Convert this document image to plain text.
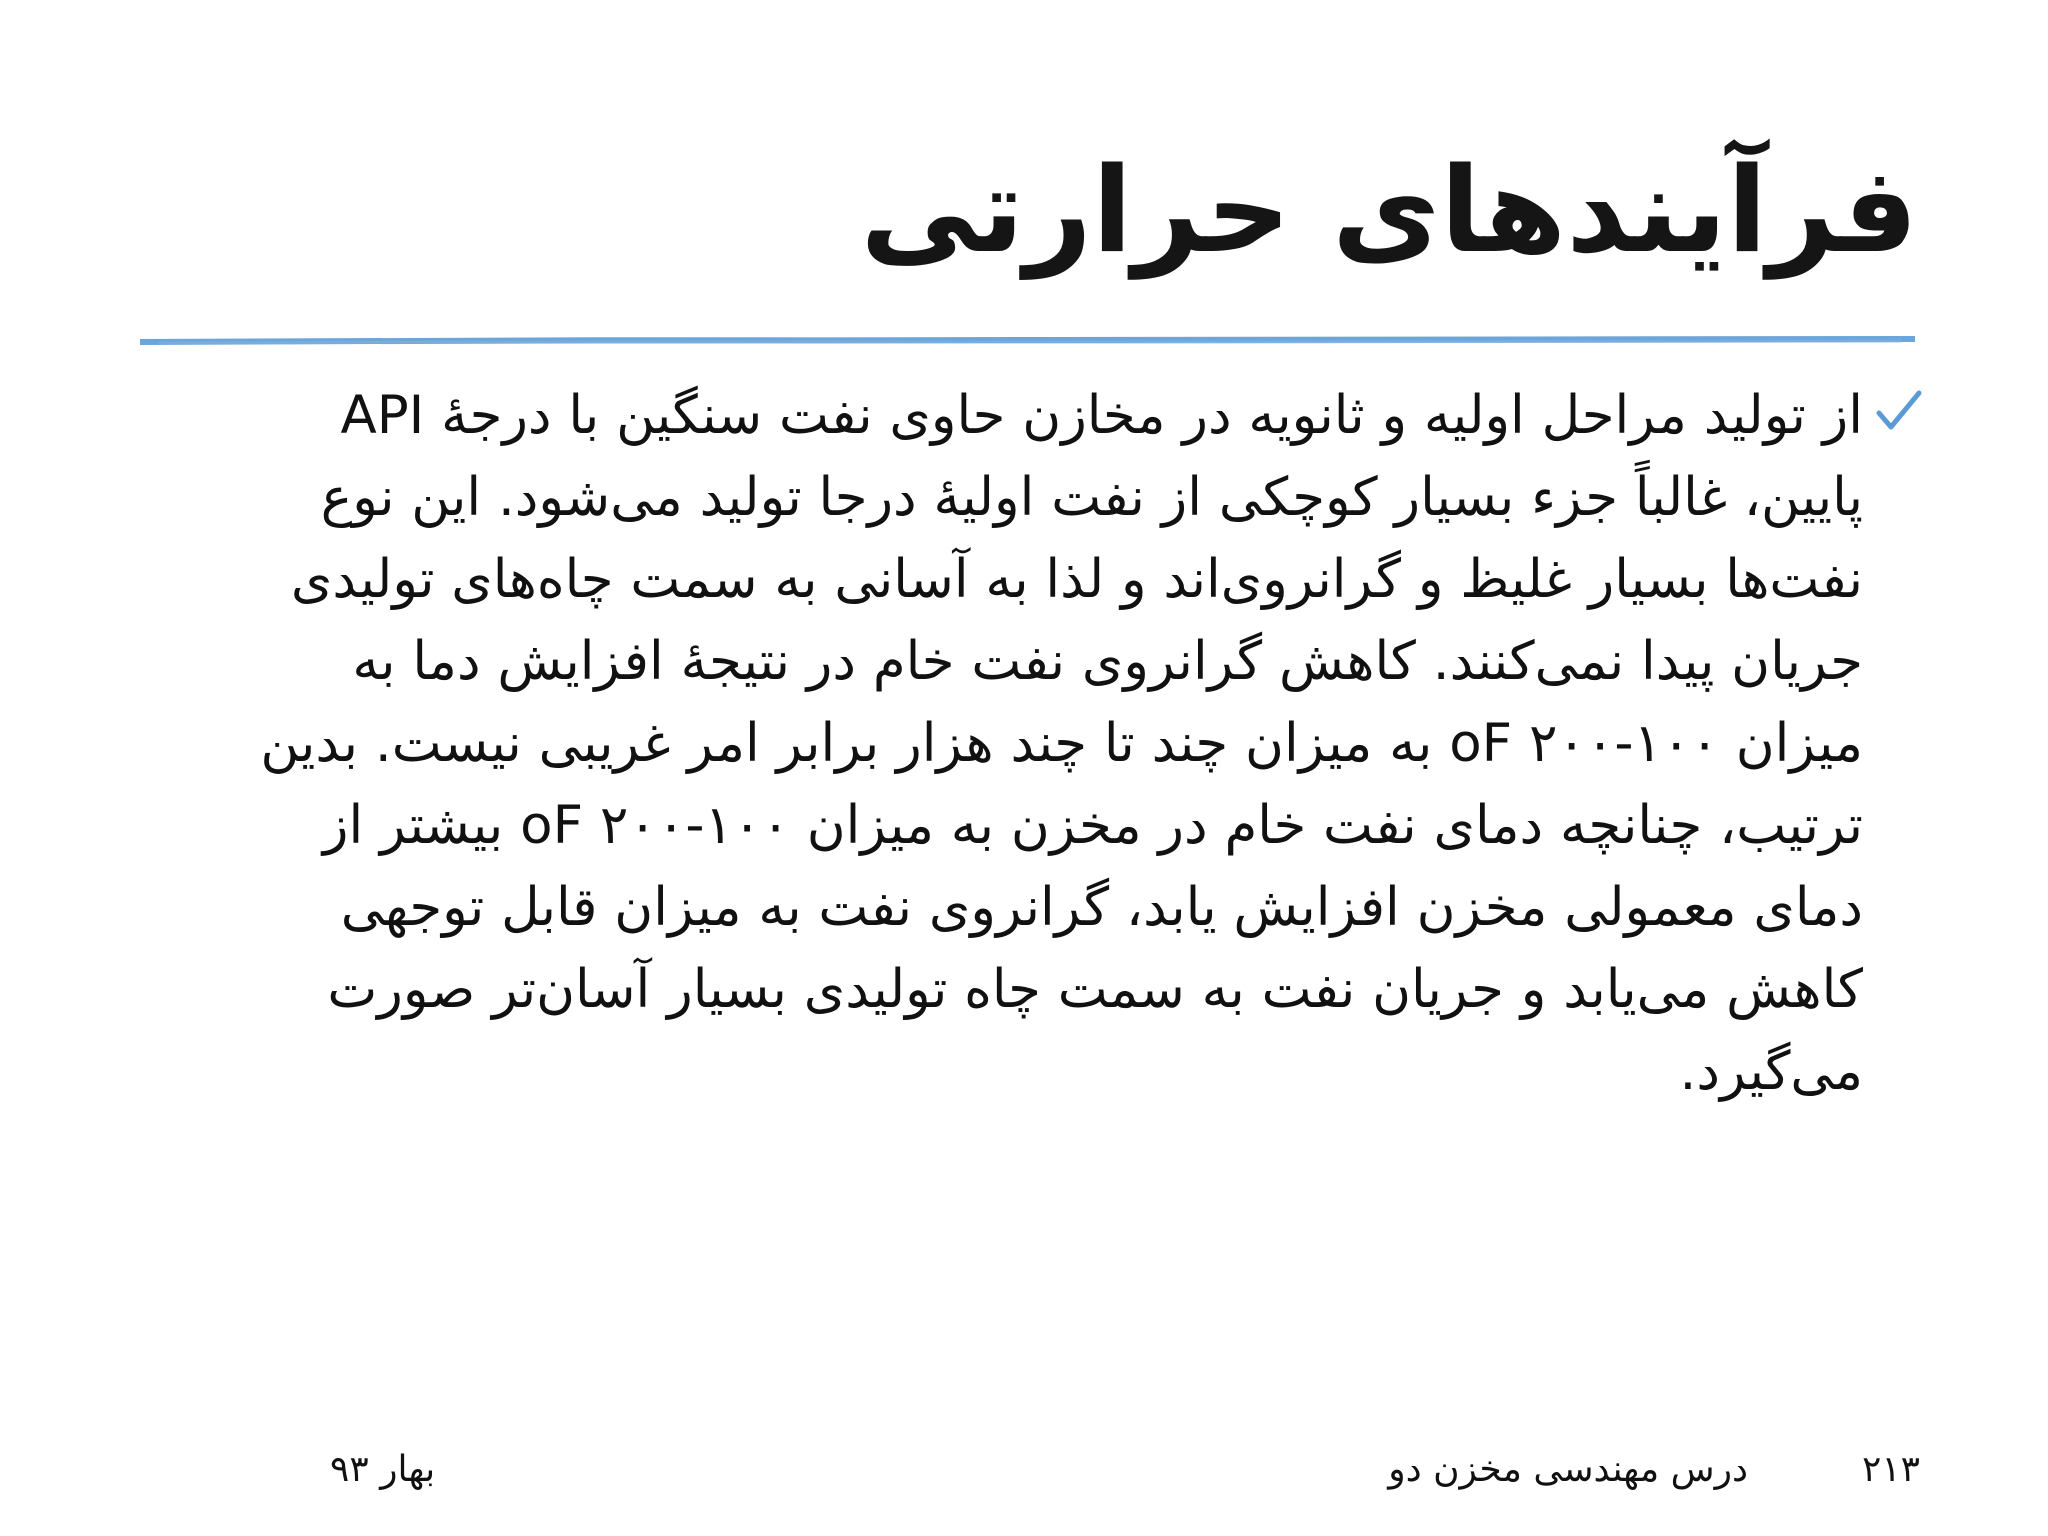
فرآیندهای حرارتی
از تولید مراحل اولیه و ثانویه در مخازن حاوی نفت سنگین با درجهٔ API پایین، غالباً جزء بسیار کوچکی از نفت اولیهٔ درجا تولید می‌شود. این نوع نفت‌ها بسیار غلیظ و گرانروی‌اند و لذا به آسانی به سمت چاه‌های تولیدی جریان پیدا نمی‌کنند. کاهش گرانروی نفت خام در نتیجهٔ افزایش دما به میزان oF ۲۰۰-۱۰۰ به میزان چند تا چند هزار برابر امر غریبی نیست. بدین ترتیب، چنانچه دمای نفت خام در مخزن به میزان oF ۲۰۰-۱۰۰ بیشتر از دمای معمولی مخزن افزایش یابد، گرانروی نفت به میزان قابل توجهی کاهش می‌یابد و جریان نفت به سمت چاه تولیدی بسیار آسان‌تر صورت می‌گیرد.
۲۱۳
درس مهندسی مخزن دو
بهار ۹۳
